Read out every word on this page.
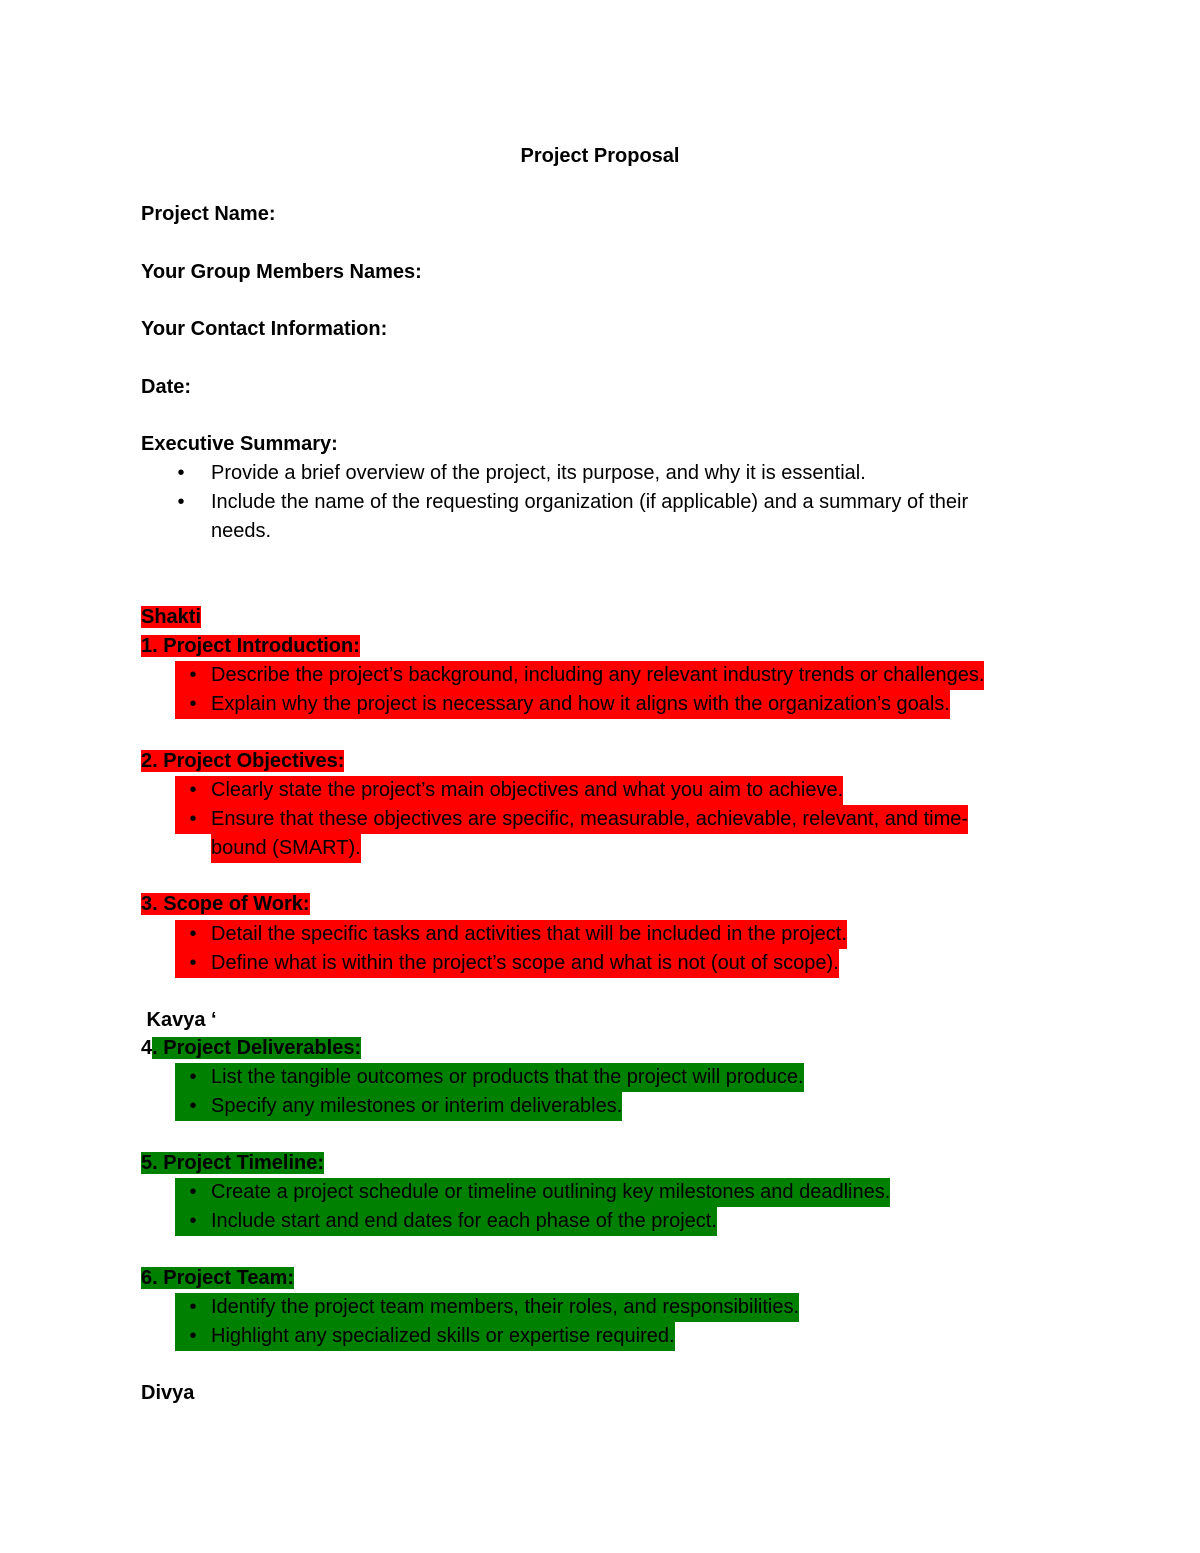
Project Proposal
Project Name:
Your Group Members Names:
Your Contact Information:
Date:
Executive Summary:
• Provide a brief overview of the project, its purpose, and why it is essential.
• Include the name of the requesting organization (if applicable) and a summary of their
needs.
Shakti
1. Project Introduction:
• Describe the project’s background, including any relevant industry trends or challenges.
• Explain why the project is necessary and how it aligns with the organization’s goals.
2. Project Objectives:
• Clearly state the project’s main objectives and what you aim to achieve.
• Ensure that these objectives are specific, measurable, achievable, relevant, and time-
bound (SMART).
3. Scope of Work:
• Detail the specific tasks and activities that will be included in the project.
• Define what is within the project’s scope and what is not (out of scope).
Kavya ‘
4. Project Deliverables:
• List the tangible outcomes or products that the project will produce.
• Specify any milestones or interim deliverables.
5. Project Timeline:
• Create a project schedule or timeline outlining key milestones and deadlines.
• Include start and end dates for each phase of the project.
6. Project Team:
• Identify the project team members, their roles, and responsibilities.
• Highlight any specialized skills or expertise required.
Divya
